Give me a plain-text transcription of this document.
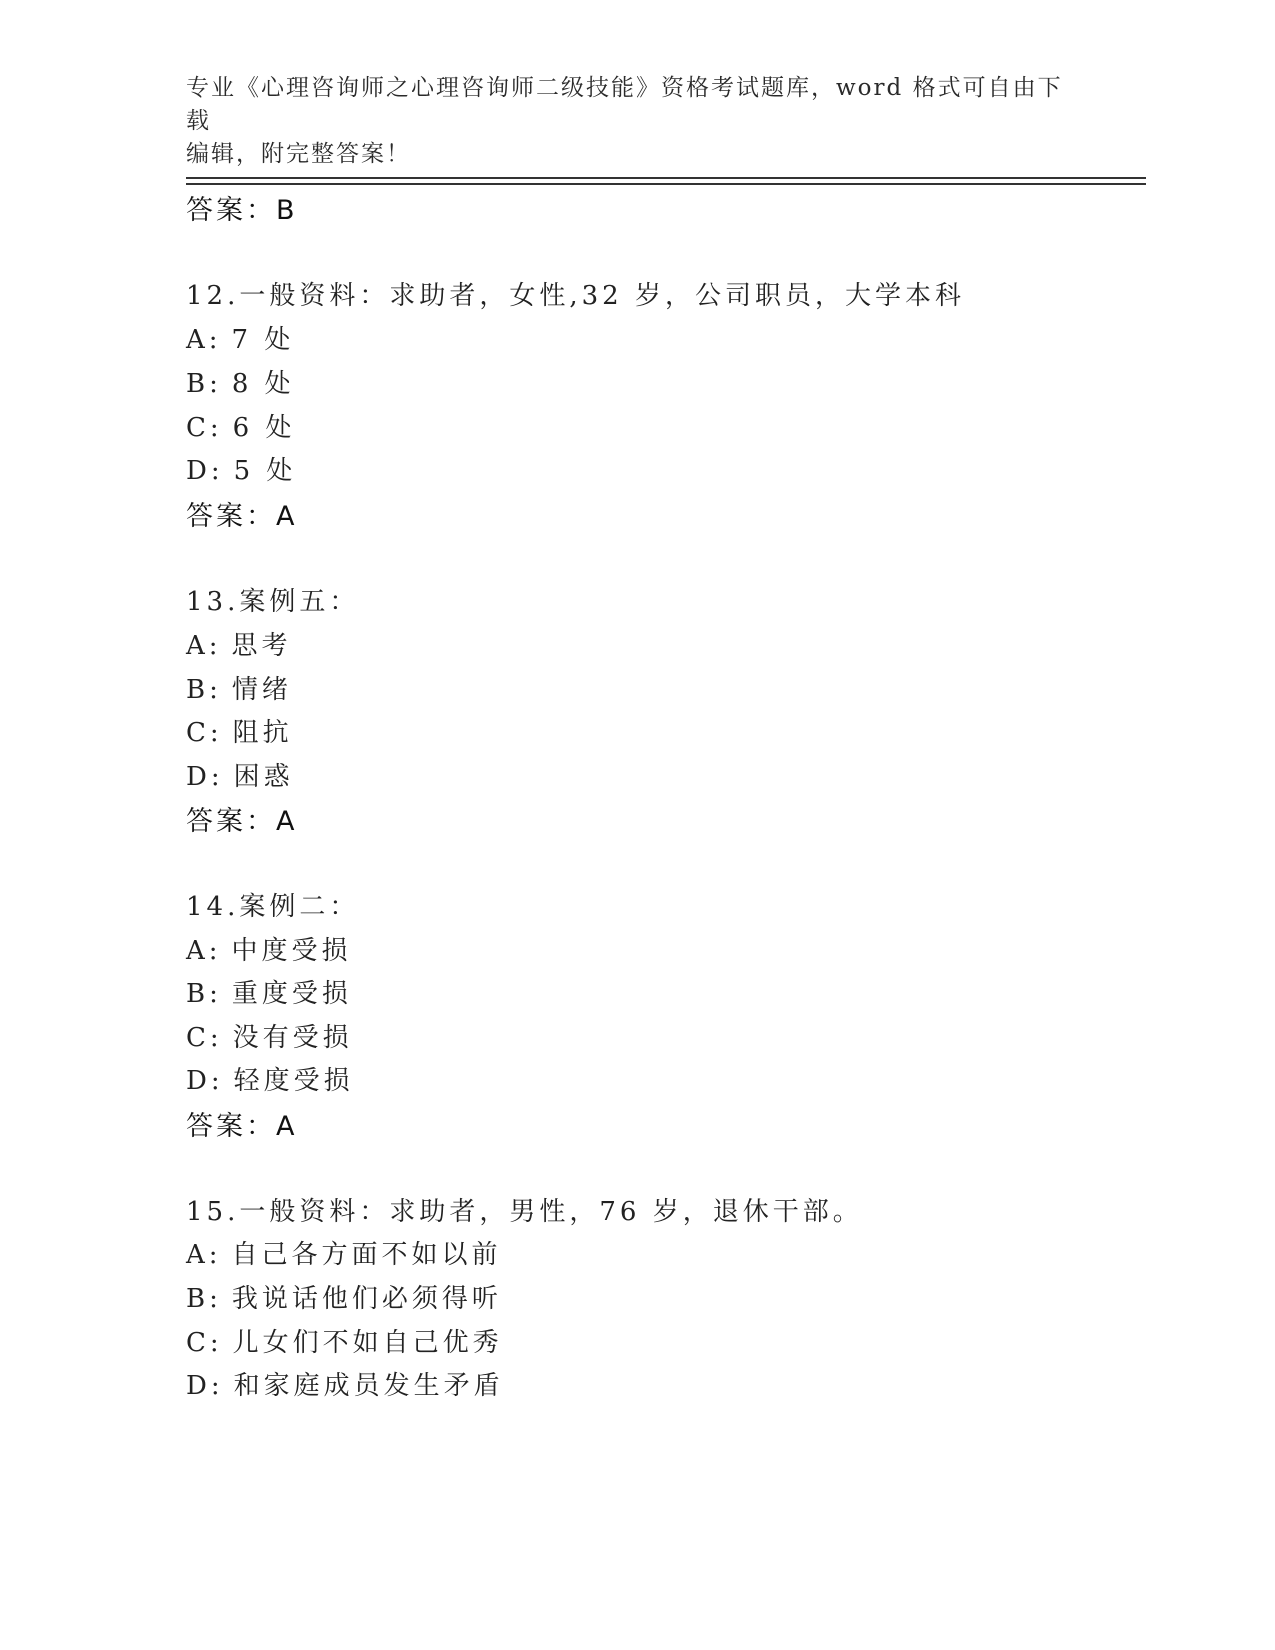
专业《心理咨询师之心理咨询师二级技能》资格考试题库，word 格式可自由下载
编辑，附完整答案！
答案：B
12.一般资料：求助者，女性,32 岁，公司职员，大学本科
A: 7 处
B: 8 处
C: 6 处
D: 5 处
答案：A
13.案例五：
A: 思考
B: 情绪
C: 阻抗
D: 困惑
答案：A
14.案例二：
A: 中度受损
B: 重度受损
C: 没有受损
D: 轻度受损
答案：A
15.一般资料：求助者，男性，76 岁，退休干部。
A: 自己各方面不如以前
B: 我说话他们必须得听
C: 儿女们不如自己优秀
D: 和家庭成员发生矛盾
